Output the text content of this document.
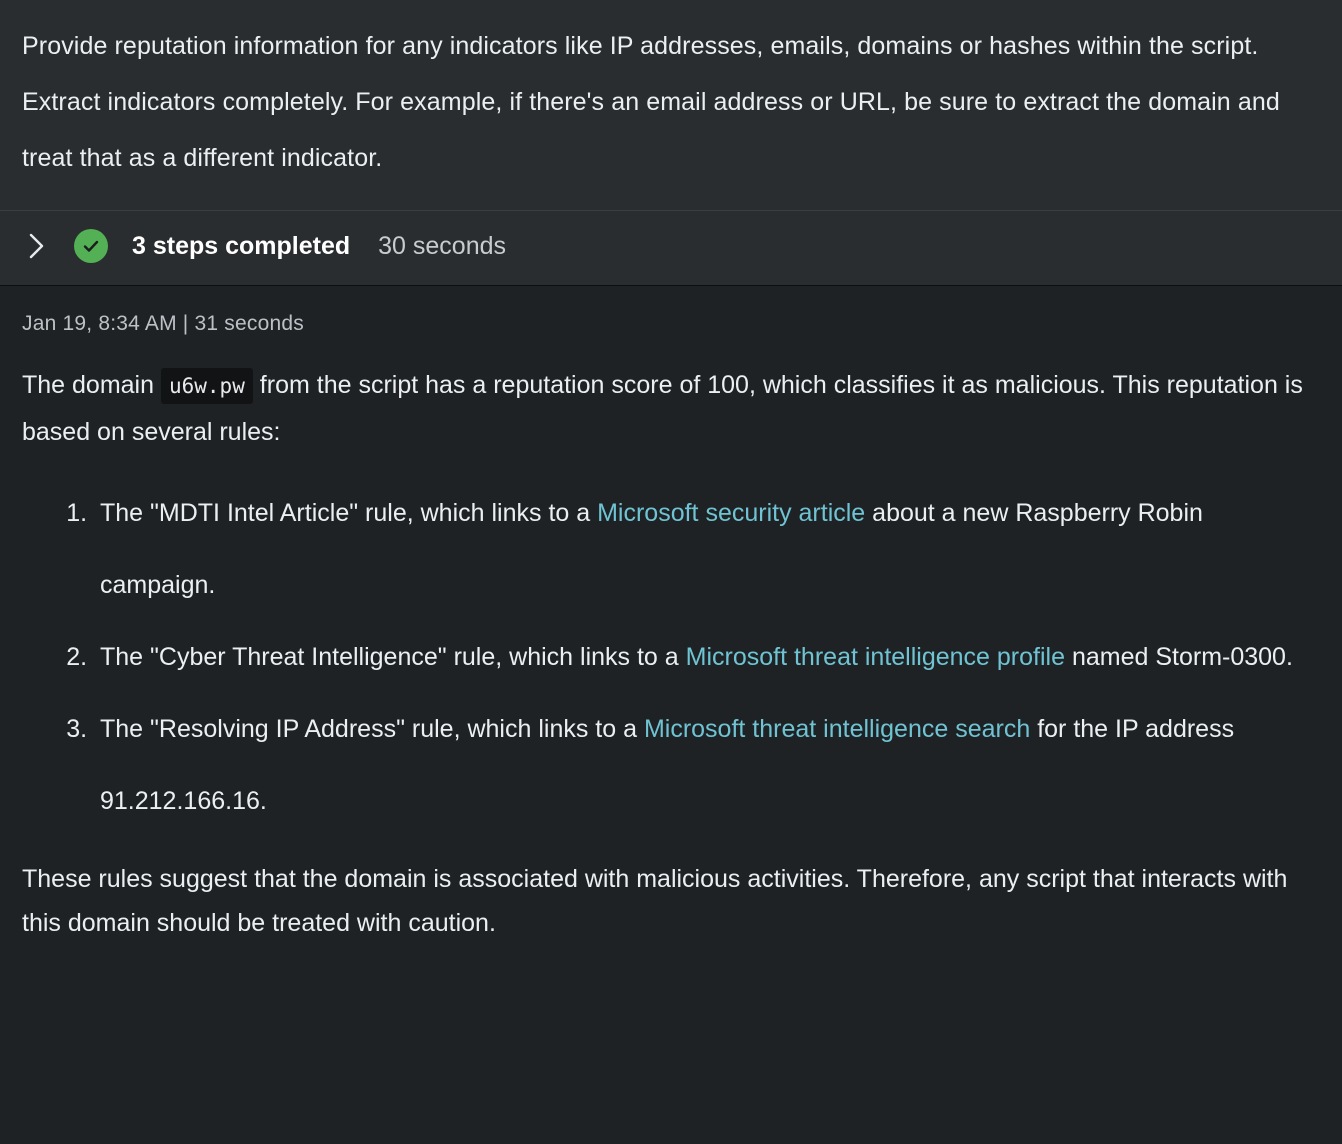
Provide reputation information for any indicators like IP addresses, emails, domains or hashes within the script. Extract indicators completely. For example, if there's an email address or URL, be sure to extract the domain and treat that as a different indicator.
3 steps completed 30 seconds
Jan 19, 8:34 AM | 31 seconds
The domain u6w.pw from the script has a reputation score of 100, which classifies it as malicious. This reputation is based on several rules:
1. The "MDTI Intel Article" rule, which links to a Microsoft security article about a new Raspberry Robin campaign.
2. The "Cyber Threat Intelligence" rule, which links to a Microsoft threat intelligence profile named Storm-0300.
3. The "Resolving IP Address" rule, which links to a Microsoft threat intelligence search for the IP address 91.212.166.16.
These rules suggest that the domain is associated with malicious activities. Therefore, any script that interacts with this domain should be treated with caution.
